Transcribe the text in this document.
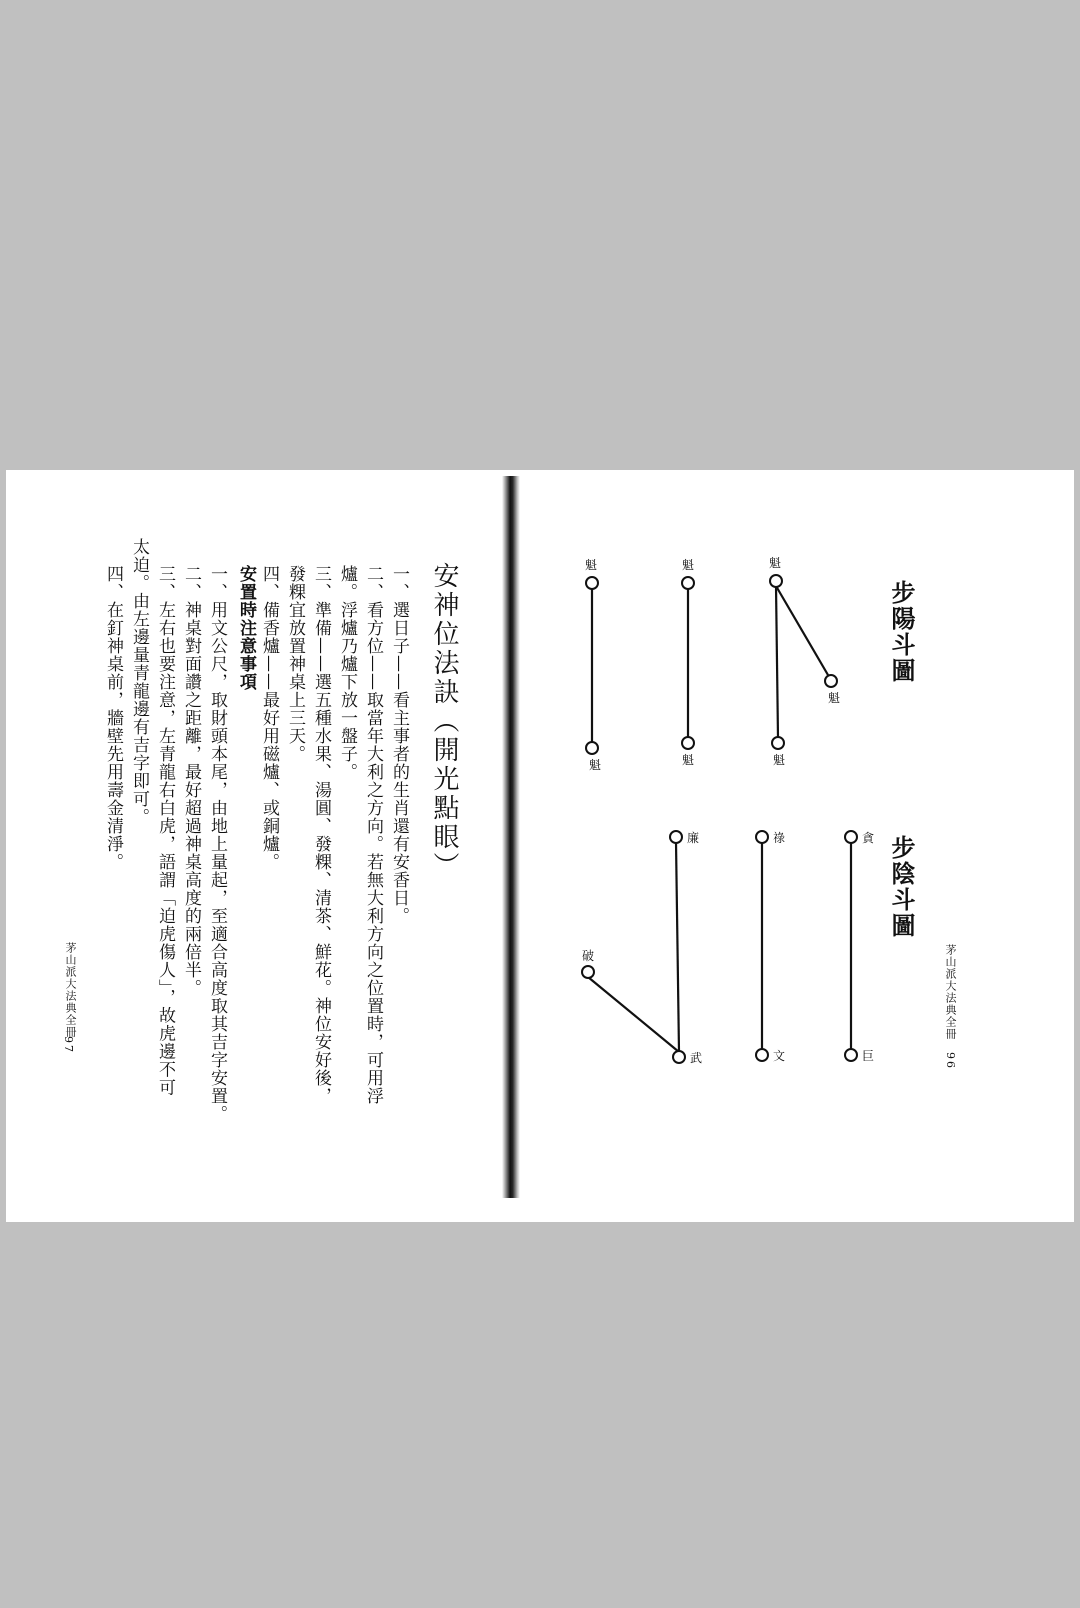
安神位法訣（開光點眼）
一、選日子——看主事者的生肖還有安香日。
二、看方位——取當年大利之方向。若無大利方向之位置時，可用浮
爐。浮爐乃爐下放一盤子。
三、準備——選五種水果、湯圓、發粿、清茶、鮮花。神位安好後，
發粿宜放置神桌上三天。
四、備香爐——最好用磁爐、或銅爐。
安置時注意事項
一、用文公尺，取財頭本尾，由地上量起，至適合高度取其吉字安置。
二、神桌對面讚之距離，最好超過神桌高度的兩倍半。
三、左右也要注意，左青龍右白虎，語謂「迫虎傷人」，故虎邊不可
太迫。由左邊量青龍邊有吉字即可。
四、在釘神桌前，牆壁先用壽金清淨。
茅山派大法典全冊
97
步陽斗圖
步陰斗圖
魁
魁
魁
魁
魁
魁
魁
貪
巨
祿
文
廉
武
破	茅山派大法典全冊
96
